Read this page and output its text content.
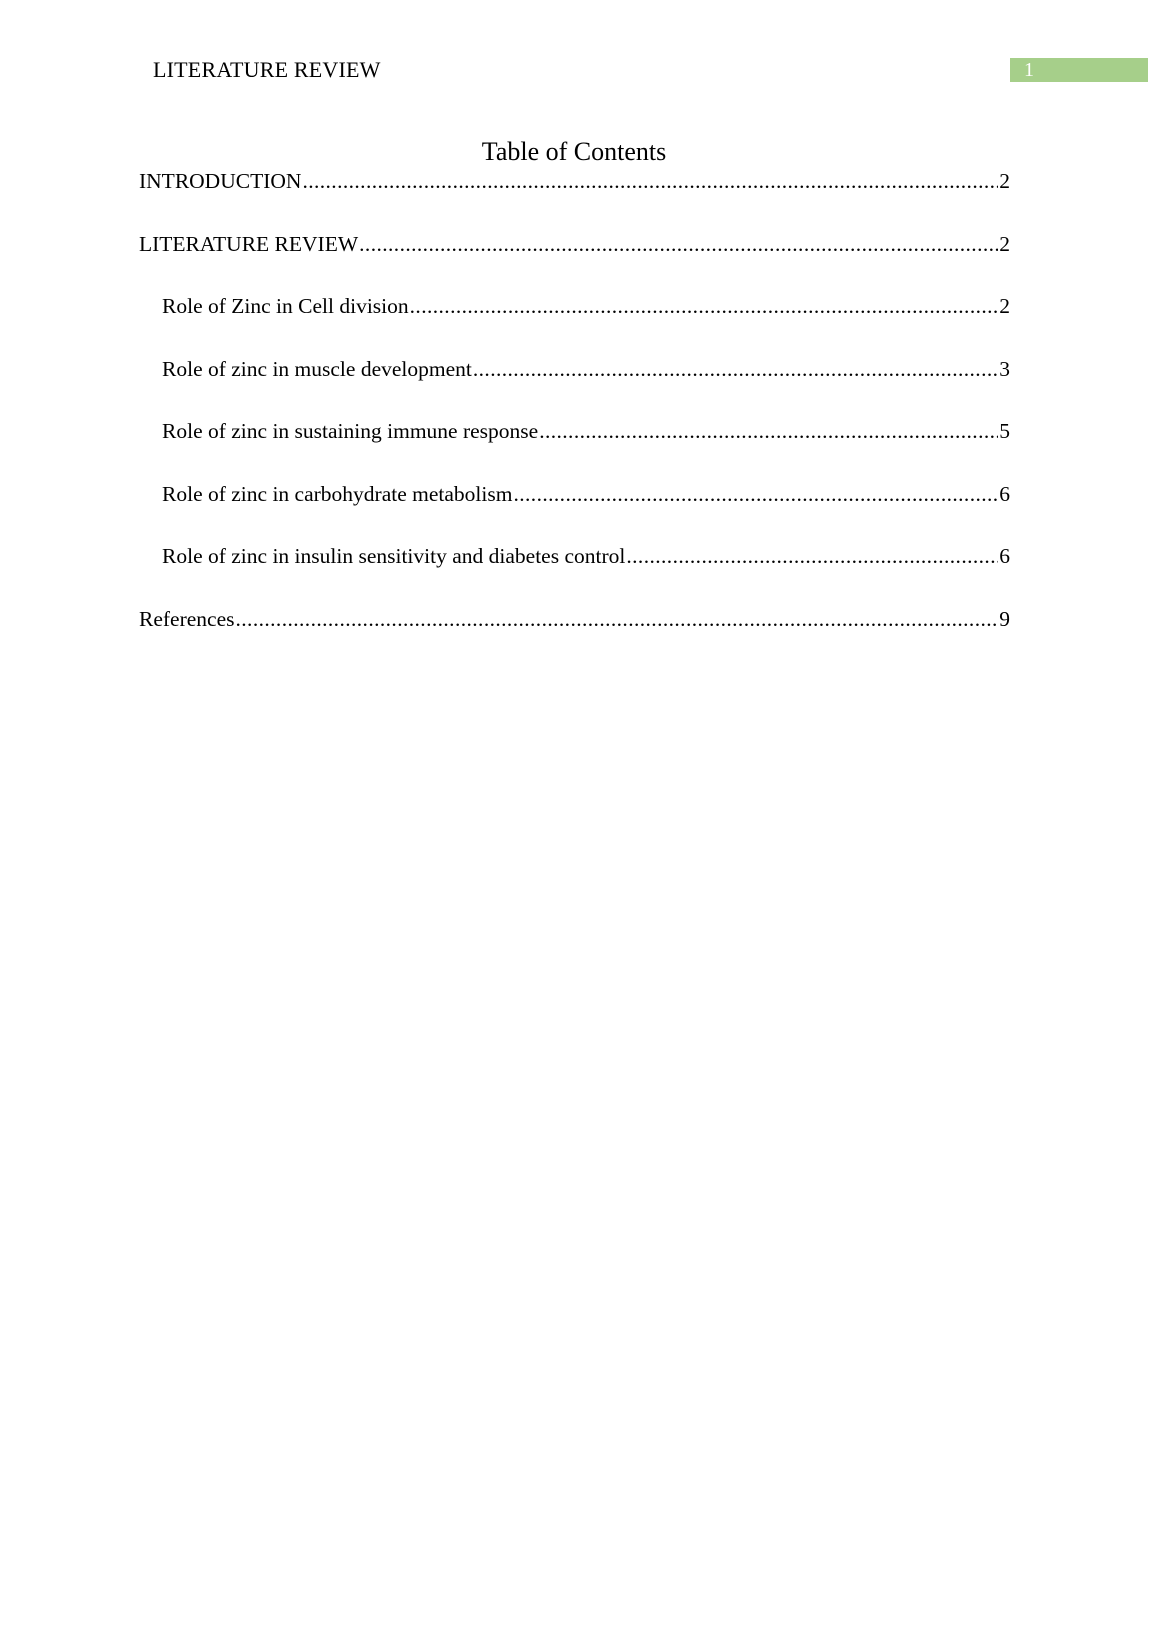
LITERATURE REVIEW	1
Table of Contents
INTRODUCTION .....	2
LITERATURE REVIEW .....	2
Role of Zinc in Cell division .....	2
Role of zinc in muscle development .....	3
Role of zinc in sustaining immune response .....	5
Role of zinc in carbohydrate metabolism .....	6
Role of zinc in insulin sensitivity and diabetes control .....	6
References .....	9
